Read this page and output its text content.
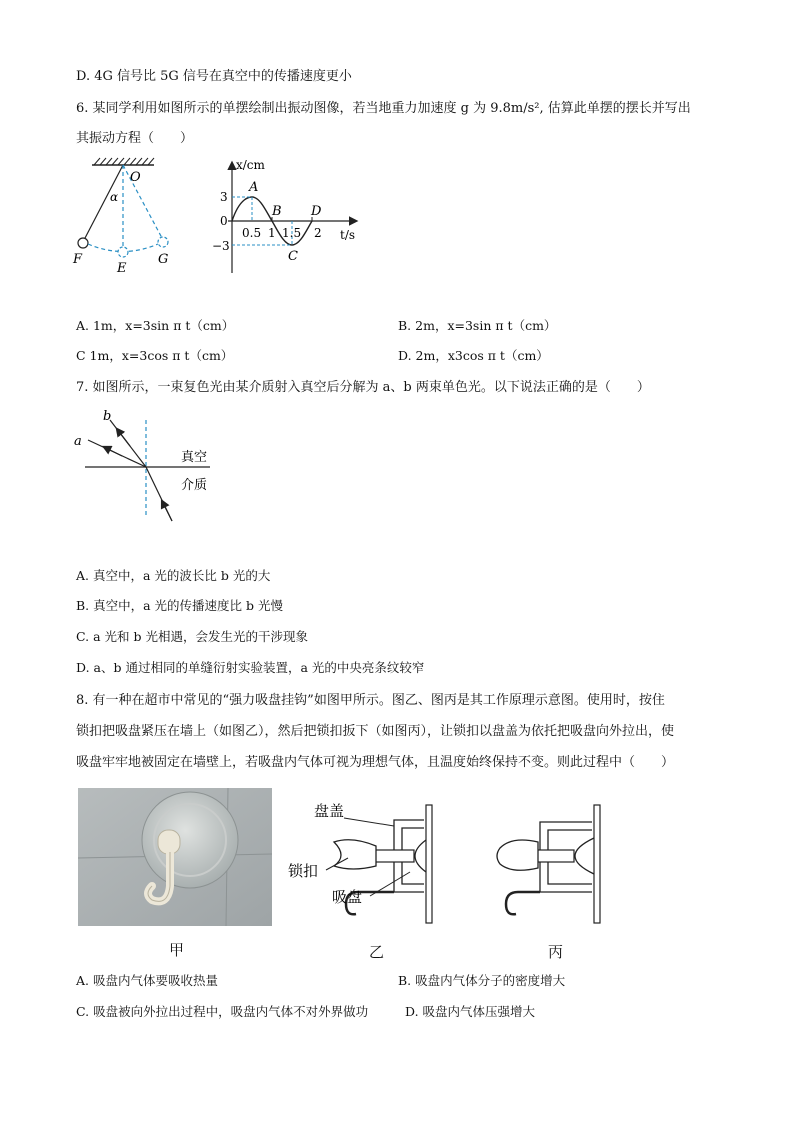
D. 4G 信号比 5G 信号在真空中的传播速度更小
6. 某同学利用如图所示的单摆绘制出振动图像，若当地重力加速度 g 为 9.8m/s², 估算此单摆的摆长并写出
其振动方程（　　）
O
α
F
E
G
x/cm
t/s
3
0
−3
0.5 1 1.5 2
A
B
C
D
A. 1m，x=3sin π t（cm）	B. 2m，x=3sin π t（cm）
C 1m，x=3cos π t（cm）	D. 2m，x3cos π t（cm）
7. 如图所示，一束复色光由某介质射入真空后分解为 a、b 两束单色光。以下说法正确的是（　　）
b
a
真空
介质
A. 真空中，a 光的波长比 b 光的大
B. 真空中，a 光的传播速度比 b 光慢
C. a 光和 b 光相遇，会发生光的干涉现象
D. a、b 通过相同的单缝衍射实验装置，a 光的中央亮条纹较窄
8. 有一种在超市中常见的“强力吸盘挂钩”如图甲所示。图乙、图丙是其工作原理示意图。使用时，按住
锁扣把吸盘紧压在墙上（如图乙），然后把锁扣扳下（如图丙），让锁扣以盘盖为依托把吸盘向外拉出，使
吸盘牢牢地被固定在墙壁上，若吸盘内气体可视为理想气体，且温度始终保持不变。则此过程中（　　）
甲
盘盖
锁扣
吸盘
乙	丙
A. 吸盘内气体要吸收热量	B. 吸盘内气体分子的密度增大
C. 吸盘被向外拉出过程中，吸盘内气体不对外界做功	D. 吸盘内气体压强增大
